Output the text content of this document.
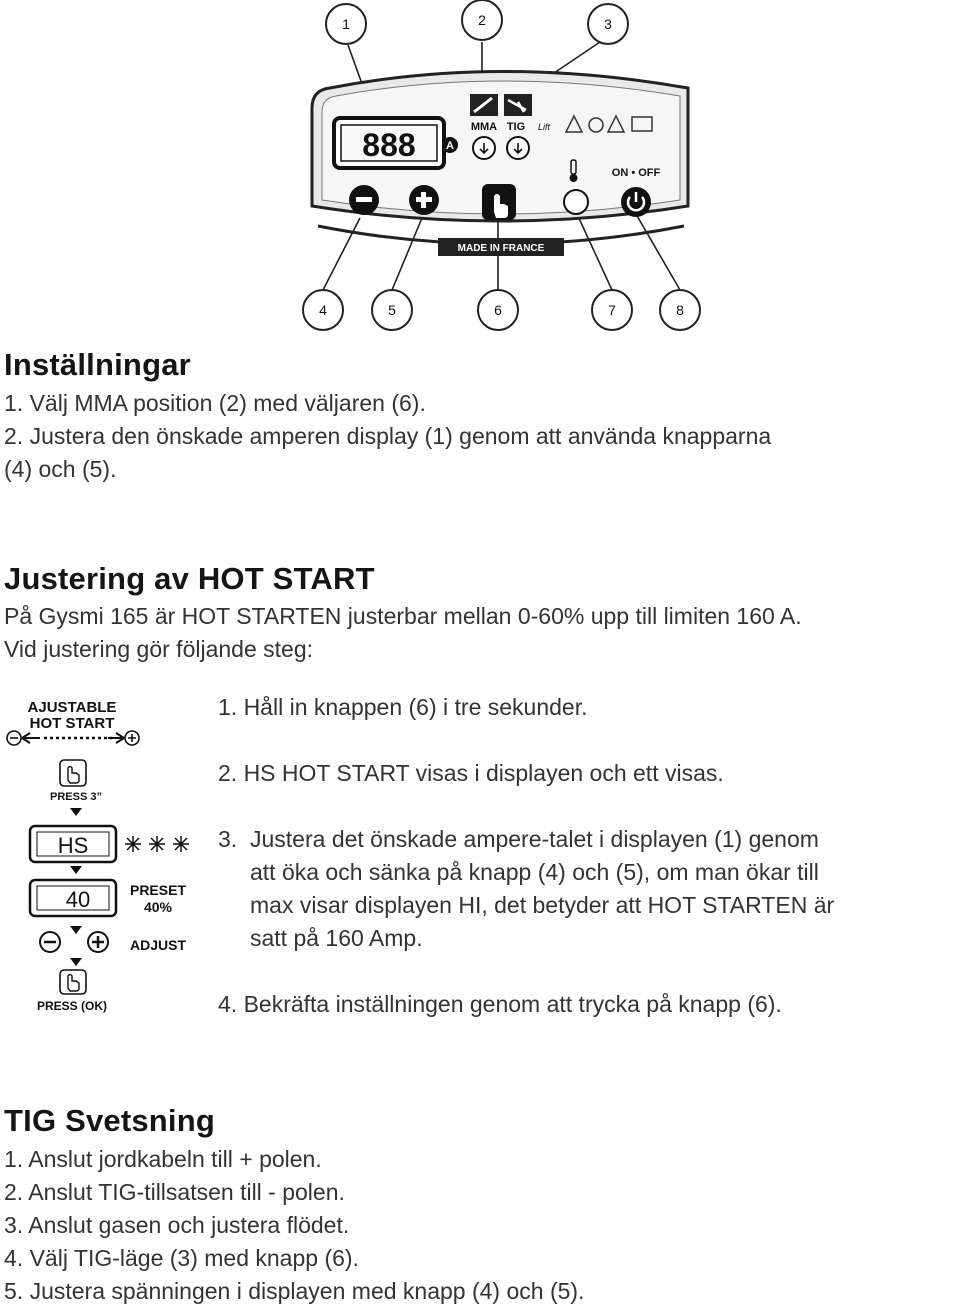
MADE IN FRANCE
888	A
MMA TIG Lift
ON • OFF
1	2	3
4	5	6	7	8
Inställningar
1. Välj MMA position (2) med väljaren (6).
2. Justera den önskade amperen display (1) genom att använda knapparna
(4) och (5).
Justering av HOT START
På Gysmi 165 är HOT STARTEN justerbar mellan 0-60% upp till limiten 160 A.
Vid justering gör följande steg:
AJUSTABLE
HOT START
PRESS 3”
HS
40	PRESET
40%
ADJUST
PRESS (OK)
1. Håll in knappen (6) i tre sekunder.
2. HS HOT START visas i displayen och ett visas.
3. Justera det önskade ampere-talet i displayen (1) genom
att öka och sänka på knapp (4) och (5), om man ökar till
max visar displayen HI, det betyder att HOT STARTEN är
satt på 160 Amp.
4. Bekräfta inställningen genom att trycka på knapp (6).
TIG Svetsning
1. Anslut jordkabeln till + polen.
2. Anslut TIG-tillsatsen till - polen.
3. Anslut gasen och justera flödet.
4. Välj TIG-läge (3) med knapp (6).
5. Justera spänningen i displayen med knapp (4) och (5).
